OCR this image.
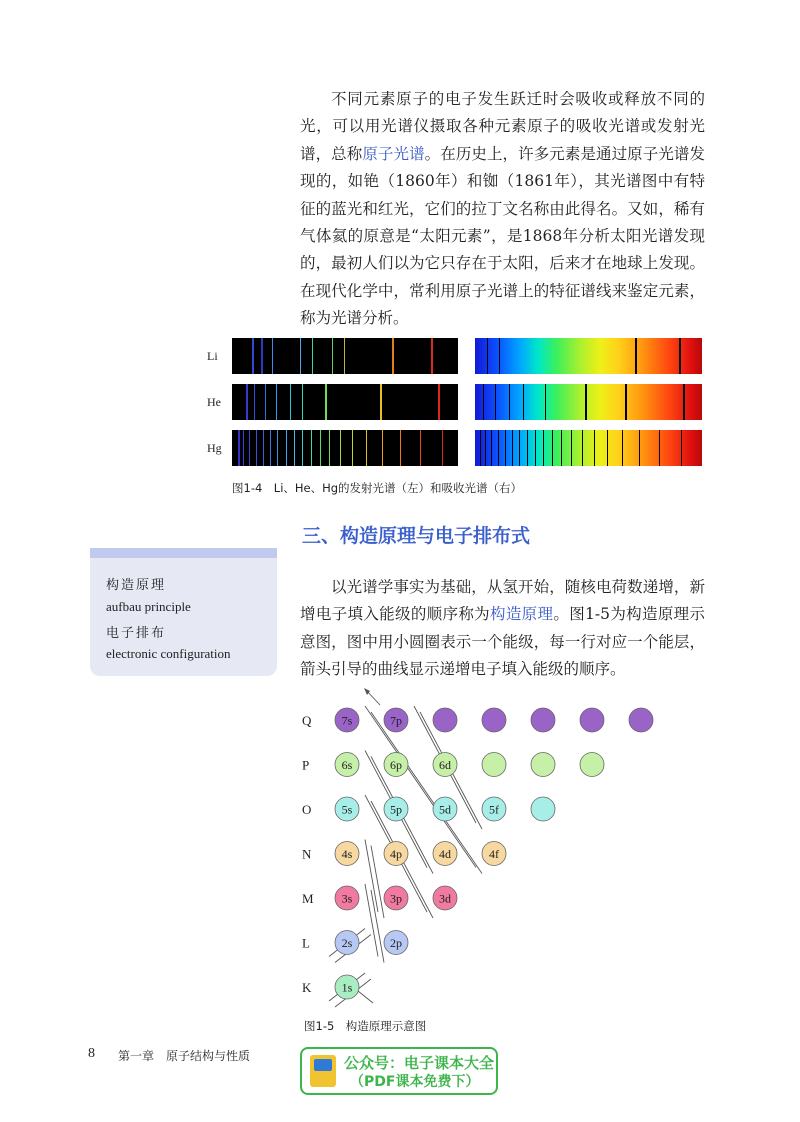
不同元素原子的电子发生跃迁时会吸收或释放不同的光，可以用光谱仪摄取各种元素原子的吸收光谱或发射光谱，总称原子光谱。在历史上，许多元素是通过原子光谱发现的，如铯（1860年）和铷（1861年），其光谱图中有特征的蓝光和红光，它们的拉丁文名称由此得名。又如，稀有气体氦的原意是“太阳元素”，是1868年分析太阳光谱发现的，最初人们以为它只存在于太阳，后来才在地球上发现。在现代化学中，常利用原子光谱上的特征谱线来鉴定元素，称为光谱分析。

Li
He
Hg
图1-4　Li、He、Hg的发射光谱（左）和吸收光谱（右）
三、构造原理与电子排布式
构造原理
aufbau principle
电子排布
electronic configuration

以光谱学事实为基础，从氢开始，随核电荷数递增，新增电子填入能级的顺序称为构造原理。图1-5为构造原理示意图，图中用小圆圈表示一个能级，每一行对应一个能层，箭头引导的曲线显示递增电子填入能级的顺序。

Q	7s	7p
P	6s	6p	6d
O	5s	5p	5d	5f
N	4s	4p	4d	4f
M 3s	3p	3d
L	2s	2p
K	1s
图1-5　构造原理示意图
8 第一章　原子结构与性质	公众号：电子课本大全
（PDF课本免费下）
